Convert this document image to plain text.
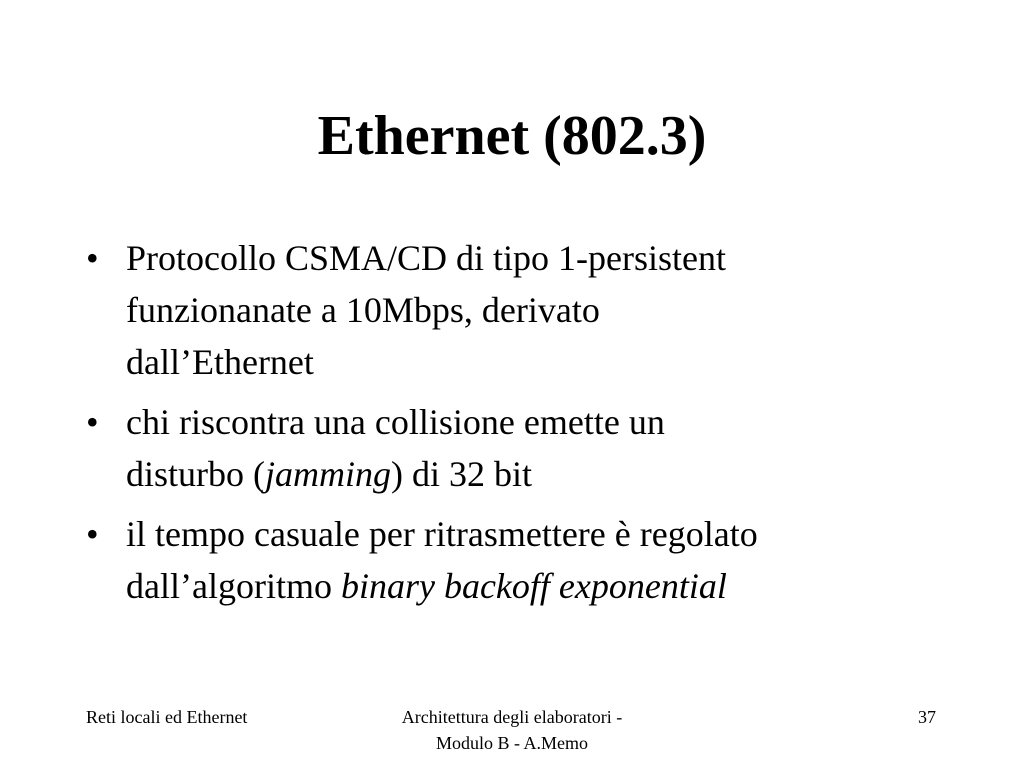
Ethernet (802.3)
• Protocollo CSMA/CD di tipo 1-persistent
funzionanate a 10Mbps, derivato
dall’Ethernet
• chi riscontra una collisione emette un
disturbo (jamming) di 32 bit
• il tempo casuale per ritrasmettere è regolato
dall’algoritmo binary backoff exponential
Reti locali ed Ethernet	Architettura degli elaboratori -
Modulo B - A.Memo
37
